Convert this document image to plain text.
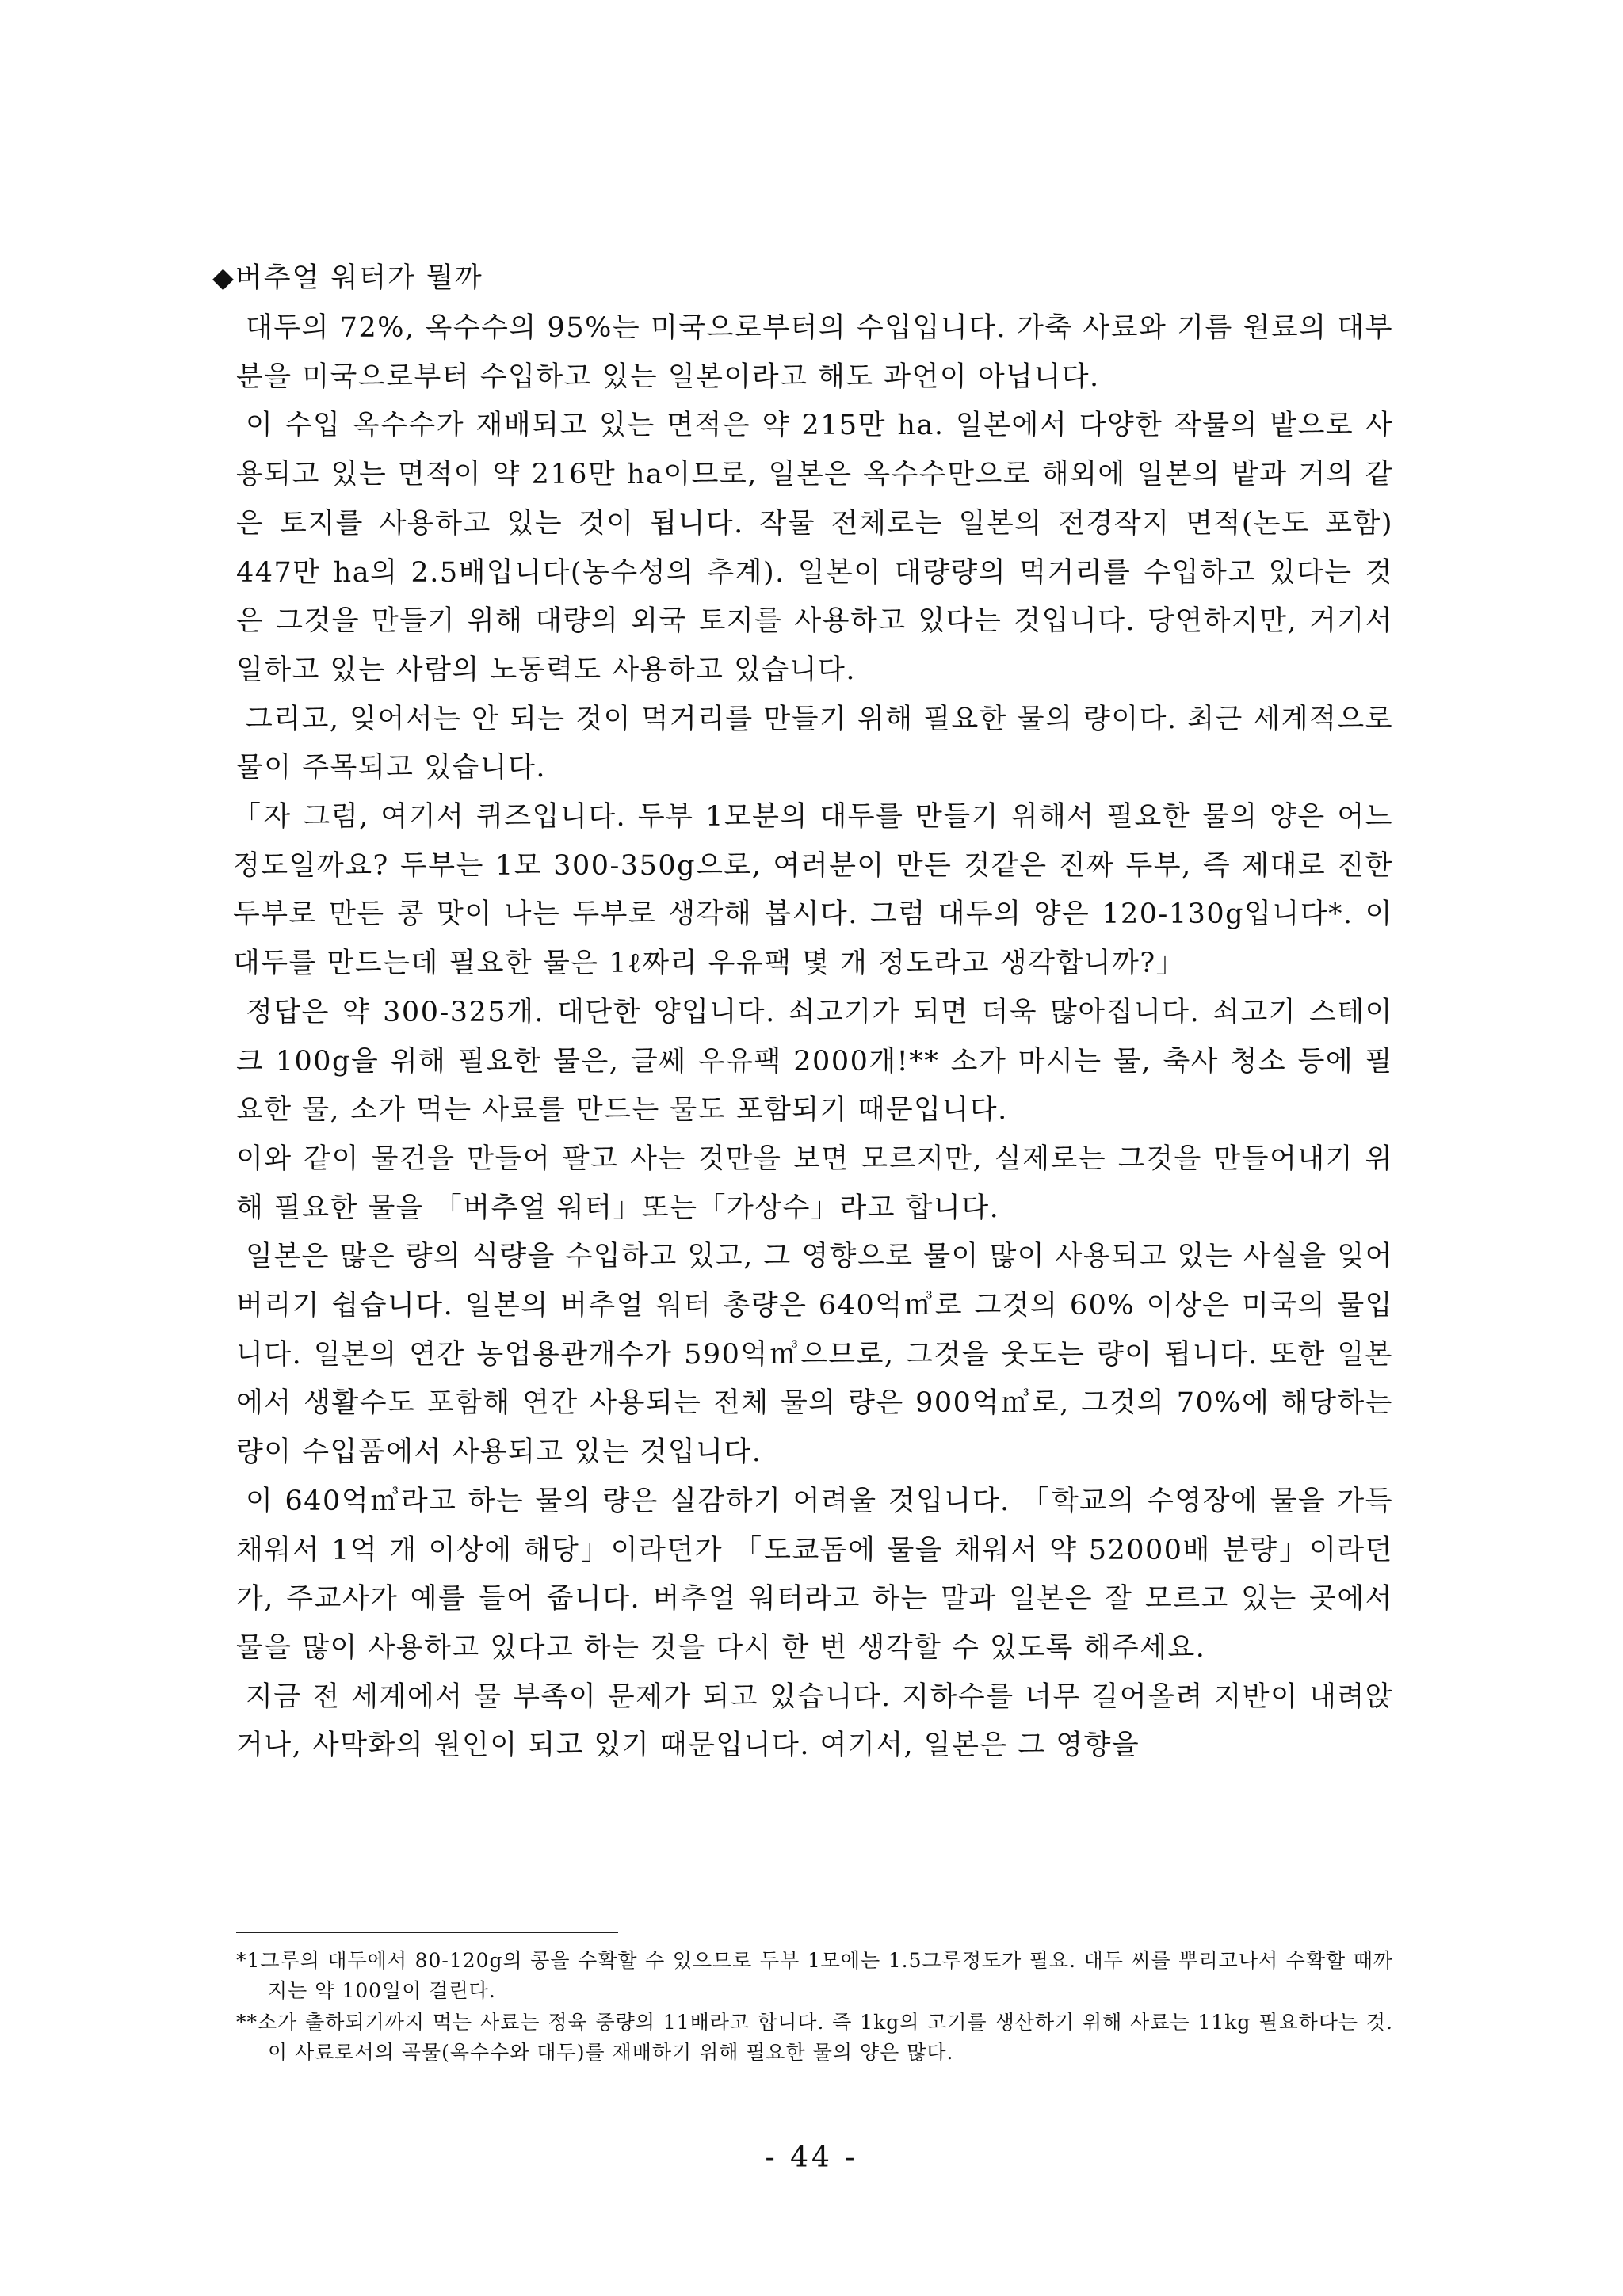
◆버추얼 워터가 뭘까

대두의 72%, 옥수수의 95%는 미국으로부터의 수입입니다. 가축 사료와 기름 원료의 대부분을 미국으로부터 수입하고 있는 일본이라고 해도 과언이 아닙니다.

이 수입 옥수수가 재배되고 있는 면적은 약 215만 ha. 일본에서 다양한 작물의 밭으로 사용되고 있는 면적이 약 216만 ha이므로, 일본은 옥수수만으로 해외에 일본의 밭과 거의 같은 토지를 사용하고 있는 것이 됩니다. 작물 전체로는 일본의 전경작지 면적(논도 포함) 447만 ha의 2.5배입니다(농수성의 추계). 일본이 대량량의 먹거리를 수입하고 있다는 것은 그것을 만들기 위해 대량의 외국 토지를 사용하고 있다는 것입니다. 당연하지만, 거기서 일하고 있는 사람의 노동력도 사용하고 있습니다.

그리고, 잊어서는 안 되는 것이 먹거리를 만들기 위해 필요한 물의 량이다. 최근 세계적으로 물이 주목되고 있습니다.

「자 그럼, 여기서 퀴즈입니다. 두부 1모분의 대두를 만들기 위해서 필요한 물의 양은 어느 정도일까요? 두부는 1모 300-350g으로, 여러분이 만든 것같은 진짜 두부, 즉 제대로 진한 두부로 만든 콩 맛이 나는 두부로 생각해 봅시다. 그럼 대두의 양은 120-130g입니다*. 이 대두를 만드는데 필요한 물은 1ℓ짜리 우유팩 몇 개 정도라고 생각합니까?」

정답은 약 300-325개. 대단한 양입니다. 쇠고기가 되면 더욱 많아집니다. 쇠고기 스테이크 100g을 위해 필요한 물은, 글쎄 우유팩 2000개!** 소가 마시는 물, 축사 청소 등에 필요한 물, 소가 먹는 사료를 만드는 물도 포함되기 때문입니다.

이와 같이 물건을 만들어 팔고 사는 것만을 보면 모르지만, 실제로는 그것을 만들어내기 위해 필요한 물을 「버추얼 워터」또는「가상수」라고 합니다.

일본은 많은 량의 식량을 수입하고 있고, 그 영향으로 물이 많이 사용되고 있는 사실을 잊어버리기 쉽습니다. 일본의 버추얼 워터 총량은 640억㎥로 그것의 60% 이상은 미국의 물입니다. 일본의 연간 농업용관개수가 590억㎥으므로, 그것을 웃도는 량이 됩니다. 또한 일본에서 생활수도 포함해 연간 사용되는 전체 물의 량은 900억㎥로, 그것의 70%에 해당하는 량이 수입품에서 사용되고 있는 것입니다.

이 640억㎥라고 하는 물의 량은 실감하기 어려울 것입니다. 「학교의 수영장에 물을 가득 채워서 1억 개 이상에 해당」이라던가 「도쿄돔에 물을 채워서 약 52000배 분량」이라던가, 주교사가 예를 들어 줍니다. 버추얼 워터라고 하는 말과 일본은 잘 모르고 있는 곳에서 물을 많이 사용하고 있다고 하는 것을 다시 한 번 생각할 수 있도록 해주세요.

지금 전 세계에서 물 부족이 문제가 되고 있습니다. 지하수를 너무 길어올려 지반이 내려앉거나, 사막화의 원인이 되고 있기 때문입니다. 여기서, 일본은 그 영향을

*1그루의 대두에서 80-120g의 콩을 수확할 수 있으므로 두부 1모에는 1.5그루정도가 필요. 대두 씨를 뿌리고나서 수확할 때까지는 약 100일이 걸린다.

**소가 출하되기까지 먹는 사료는 정육 중량의 11배라고 합니다. 즉 1kg의 고기를 생산하기 위해 사료는 11kg 필요하다는 것. 이 사료로서의 곡물(옥수수와 대두)를 재배하기 위해 필요한 물의 양은 많다.

- 44 -
